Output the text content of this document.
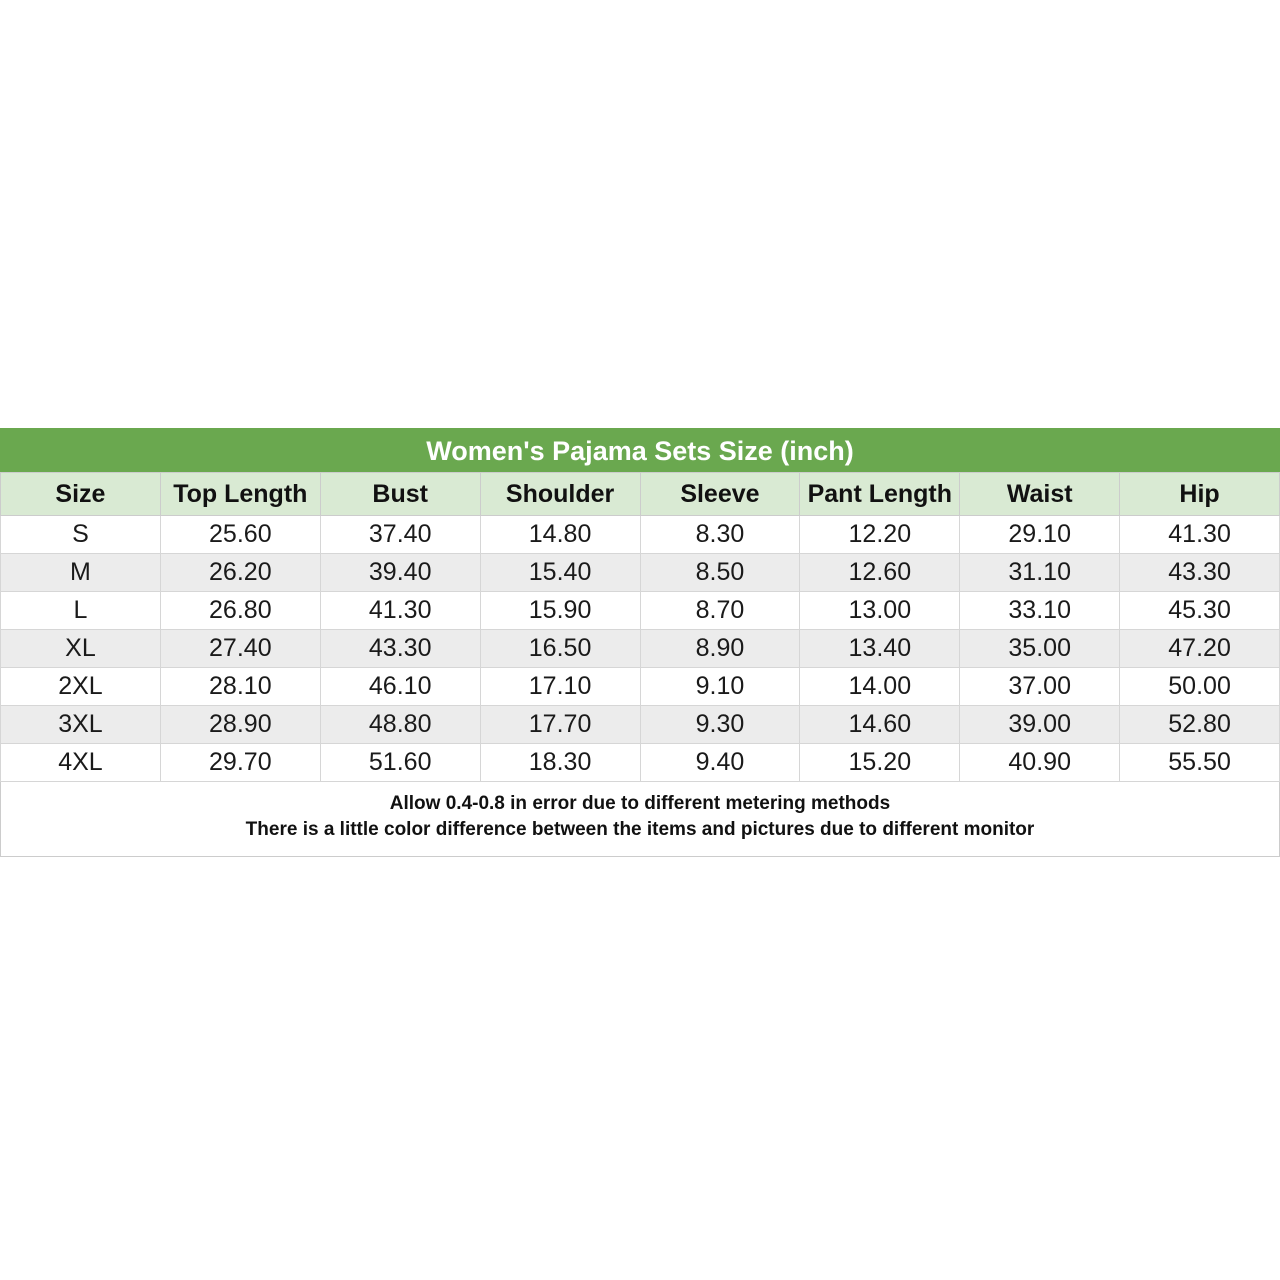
Women's Pajama Sets Size (inch)
Size	Top Length	Bust	Shoulder	Sleeve	Pant Length	Waist	Hip
S	25.60	37.40	14.80	8.30	12.20	29.10	41.30
M	26.20	39.40	15.40	8.50	12.60	31.10	43.30
L	26.80	41.30	15.90	8.70	13.00	33.10	45.30
XL	27.40	43.30	16.50	8.90	13.40	35.00	47.20
2XL	28.10	46.10	17.10	9.10	14.00	37.00	50.00
3XL	28.90	48.80	17.70	9.30	14.60	39.00	52.80
4XL	29.70	51.60	18.30	9.40	15.20	40.90	55.50
Allow 0.4-0.8 in error due to different metering methods
There is a little color difference between the items and pictures due to different monitor
